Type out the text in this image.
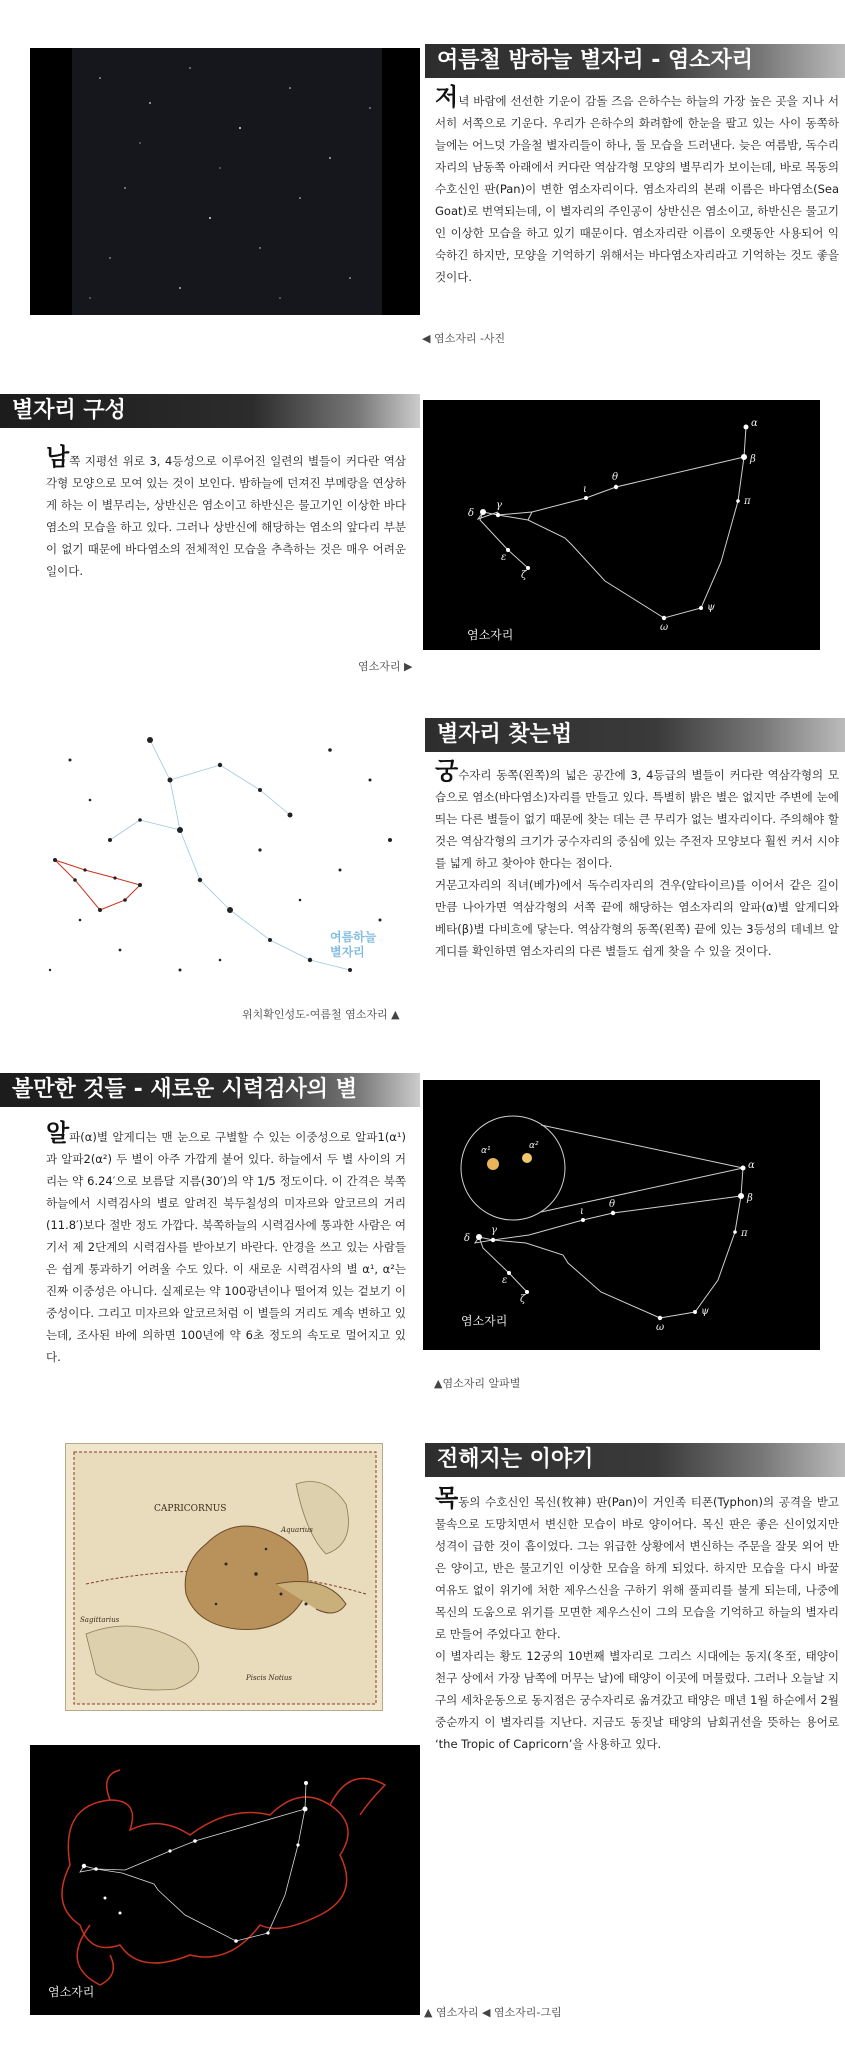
여름철 밤하늘 별자리 - 염소자리

저녁 바람에 선선한 기운이 감돌 즈음 은하수는 하늘의 가장 높은 곳을 지나 서서히 서쪽으로 기운다. 우리가 은하수의 화려함에 한눈을 팔고 있는 사이 동쪽하늘에는 어느덧 가을철 별자리들이 하나, 둘 모습을 드러낸다. 늦은 여름밤, 독수리자리의 남동쪽 아래에서 커다란 역삼각형 모양의 별무리가 보이는데, 바로 목동의 수호신인 판(Pan)이 변한 염소자리이다. 염소자리의 본래 이름은 바다염소(Sea Goat)로 번역되는데, 이 별자리의 주인공이 상반신은 염소이고, 하반신은 물고기인 이상한 모습을 하고 있기 때문이다. 염소자리란 이름이 오랫동안 사용되어 익숙하긴 하지만, 모양을 기억하기 위해서는 바다염소자리라고 기억하는 것도 좋을 것이다.

◀ 염소자리 -사진
별자리 구성

남쪽 지평선 위로 3, 4등성으로 이루어진 일련의 별들이 커다란 역삼각형 모양으로 모여 있는 것이 보인다. 밤하늘에 던져진 부메랑을 연상하게 하는 이 별무리는, 상반신은 염소이고 하반신은 물고기인 이상한 바다염소의 모습을 하고 있다. 그러나 상반신에 해당하는 염소의 앞다리 부분이 없기 때문에 바다염소의 전체적인 모습을 추측하는 것은 매우 어려운 일이다.

염소자리 ▶
α
β
π
θ
ι
γ
δ
ε
ζ
ψ
ω
염소자리
여름하늘 별자리
별자리 찾는법

궁수자리 동쪽(왼쪽)의 넓은 공간에 3, 4등급의 별들이 커다란 역삼각형의 모습으로 염소(바다염소)자리를 만들고 있다. 특별히 밝은 별은 없지만 주변에 눈에 띄는 다른 별들이 없기 때문에 찾는 데는 큰 무리가 없는 별자리이다. 주의해야 할 것은 역삼각형의 크기가 궁수자리의 중심에 있는 주전자 모양보다 훨씬 커서 시야를 넓게 하고 찾아야 한다는 점이다.

거문고자리의 직녀(베가)에서 독수리자리의 견우(알타이르)를 이어서 같은 길이만큼 나아가면 역삼각형의 서쪽 끝에 해당하는 염소자리의 알파(α)별 알게디와 베타(β)별 다비흐에 닿는다. 역삼각형의 동쪽(왼쪽) 끝에 있는 3등성의 데네브 알게디를 확인하면 염소자리의 다른 별들도 쉽게 찾을 수 있을 것이다.

위치확인성도-여름철 염소자리 ▲
볼만한 것들 - 새로운 시력검사의 별

알파(α)별 알게디는 맨 눈으로 구별할 수 있는 이중성으로 알파1(α¹)과 알파2(α²) 두 별이 아주 가깝게 붙어 있다. 하늘에서 두 별 사이의 거리는 약 6.24′으로 보름달 지름(30′)의 약 1/5 정도이다. 이 간격은 북쪽하늘에서 시력검사의 별로 알려진 북두칠성의 미자르와 알코르의 거리(11.8′)보다 절반 정도 가깝다. 북쪽하늘의 시력검사에 통과한 사람은 여기서 제 2단계의 시력검사를 받아보기 바란다. 안경을 쓰고 있는 사람들은 쉽게 통과하기 어려울 수도 있다. 이 새로운 시력검사의 별 α¹, α²는 진짜 이중성은 아니다. 실제로는 약 100광년이나 떨어져 있는 겉보기 이중성이다. 그리고 미자르와 알코르처럼 이 별들의 거리도 계속 변하고 있는데, 조사된 바에 의하면 100년에 약 6초 정도의 속도로 멀어지고 있다.

α
β
π
θ
ι
γ
δ
ε
ζ
ψ
ω
α¹	α²
염소자리
▲염소자리 알파별
CAPRICORNUS
Aquarius
Sagittarius
Piscis Notius
전해지는 이야기

목동의 수호신인 목신(牧神) 판(Pan)이 거인족 티폰(Typhon)의 공격을 받고 물속으로 도망치면서 변신한 모습이 바로 양이어다. 목신 판은 좋은 신이었지만 성격이 급한 것이 흠이었다. 그는 위급한 상황에서 변신하는 주문을 잘못 외어 반은 양이고, 반은 물고기인 이상한 모습을 하게 되었다. 하지만 모습을 다시 바꿀 여유도 없이 위기에 처한 제우스신을 구하기 위해 풀피리를 불게 되는데, 나중에 목신의 도움으로 위기를 모면한 제우스신이 그의 모습을 기억하고 하늘의 별자리로 만들어 주었다고 한다.

이 별자리는 황도 12궁의 10번째 별자리로 그리스 시대에는 동지(冬至, 태양이 천구 상에서 가장 남쪽에 머무는 날)에 태양이 이곳에 머물렀다. 그러나 오늘날 지구의 세차운동으로 동지점은 궁수자리로 옮겨갔고 태양은 매년 1월 하순에서 2월 중순까지 이 별자리를 지난다. 지금도 동짓날 태양의 남회귀선을 뜻하는 용어로 ‘the Tropic of Capricorn’을 사용하고 있다.

염소자리
▲ 염소자리 ◀ 염소자리-그림
